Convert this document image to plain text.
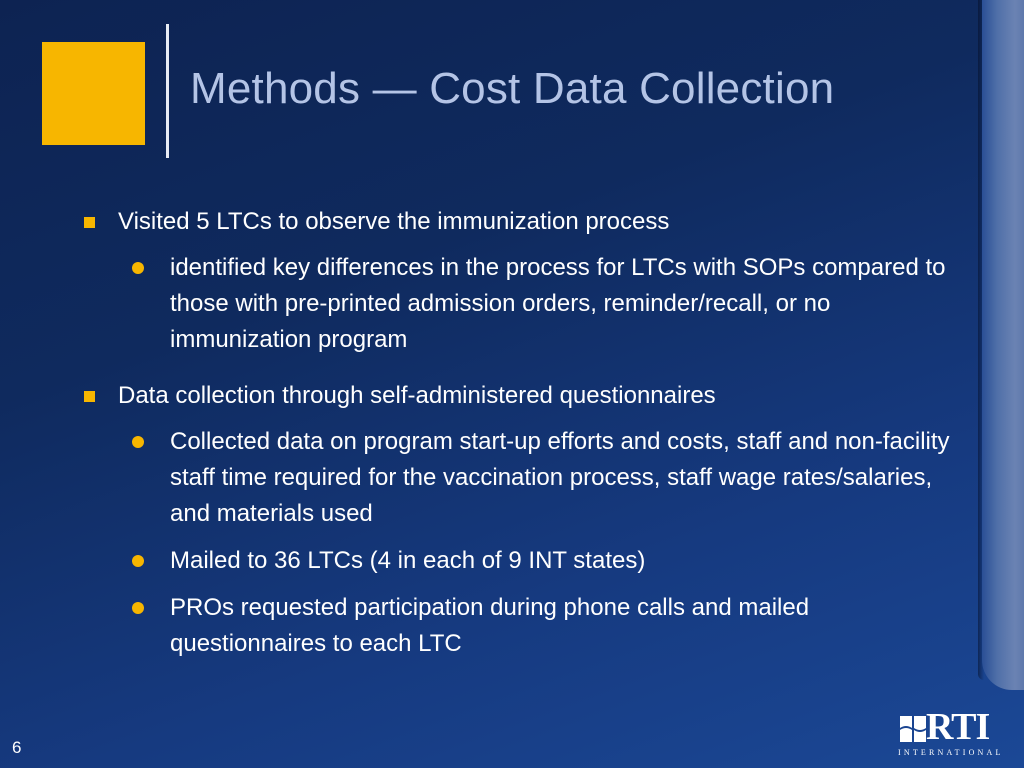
Methods — Cost Data Collection
Visited 5 LTCs to observe the immunization process
identified key differences in the process for LTCs with SOPs compared to those with pre-printed admission orders, reminder/recall, or no immunization program
Data collection through self-administered questionnaires
Collected data on program start-up efforts and costs, staff and non-facility staff time required for the vaccination process, staff wage rates/salaries, and materials used
Mailed to 36 LTCs (4 in each of 9 INT states)
PROs requested participation during phone calls and mailed questionnaires to each LTC
6	RTI
INTERNATIONAL
